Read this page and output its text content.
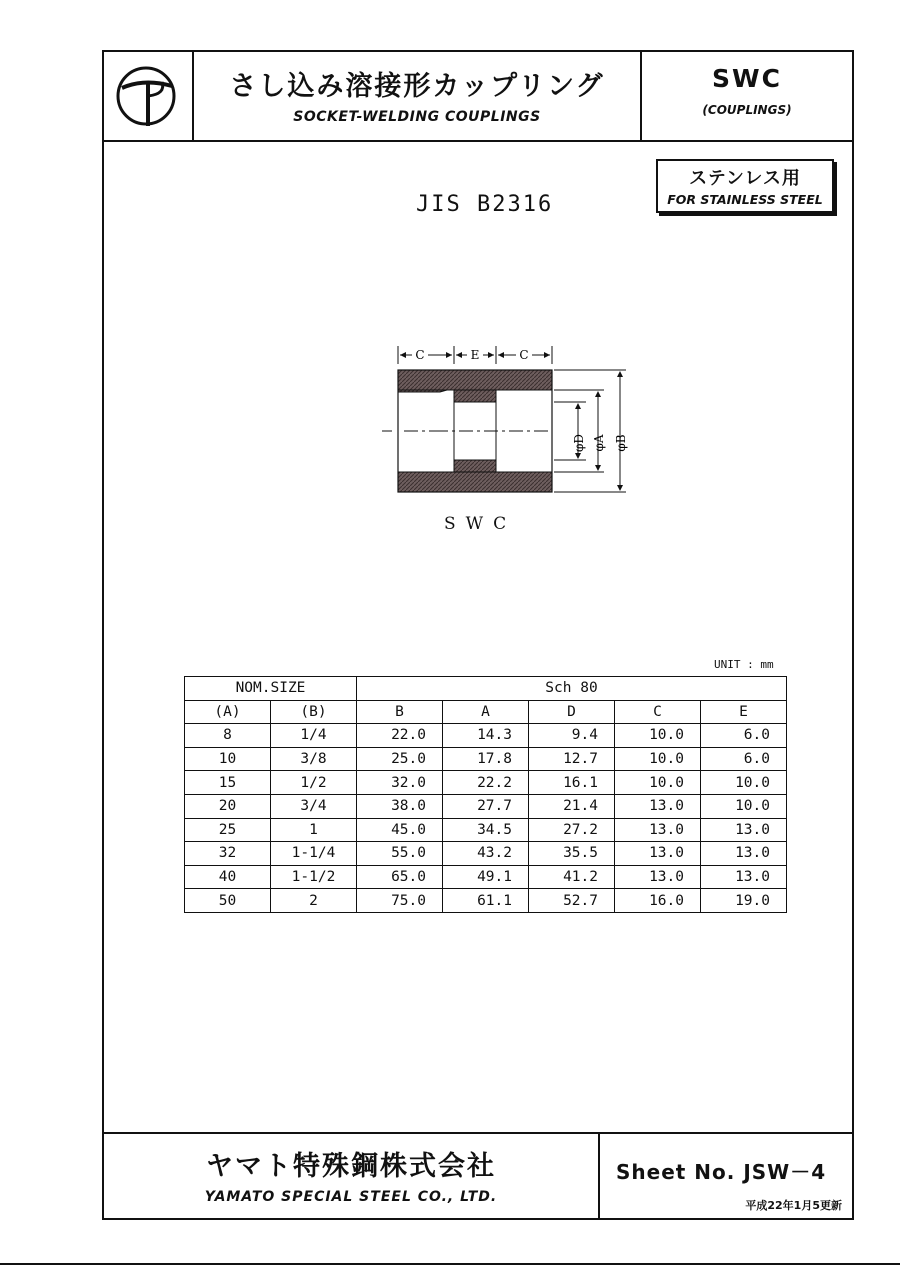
さし込み溶接形カップリング
SOCKET-WELDING COUPLINGS
SWC
(COUPLINGS)
ステンレス用
FOR STAINLESS STEEL
JIS B2316
C	E	C
φD φA φB
SWC
UNIT : mm
NOM.SIZE		Sch 80				
(A)	(B)	B	A	D	C	E
8	1/4	22.0	14.3	9.4	10.0	6.0
10	3/8	25.0	17.8	12.7	10.0	6.0
15	1/2	32.0	22.2	16.1	10.0	10.0
20	3/4	38.0	27.7	21.4	13.0	10.0
25	1	45.0	34.5	27.2	13.0	13.0
32	1-1/4	55.0	43.2	35.5	13.0	13.0
40	1-1/2	65.0	49.1	41.2	13.0	13.0
50	2	75.0	61.1	52.7	16.0	19.0
ヤマト特殊鋼株式会社
YAMATO SPECIAL STEEL CO., LTD.
Sheet No. JSW－4
平成22年1月5更新
